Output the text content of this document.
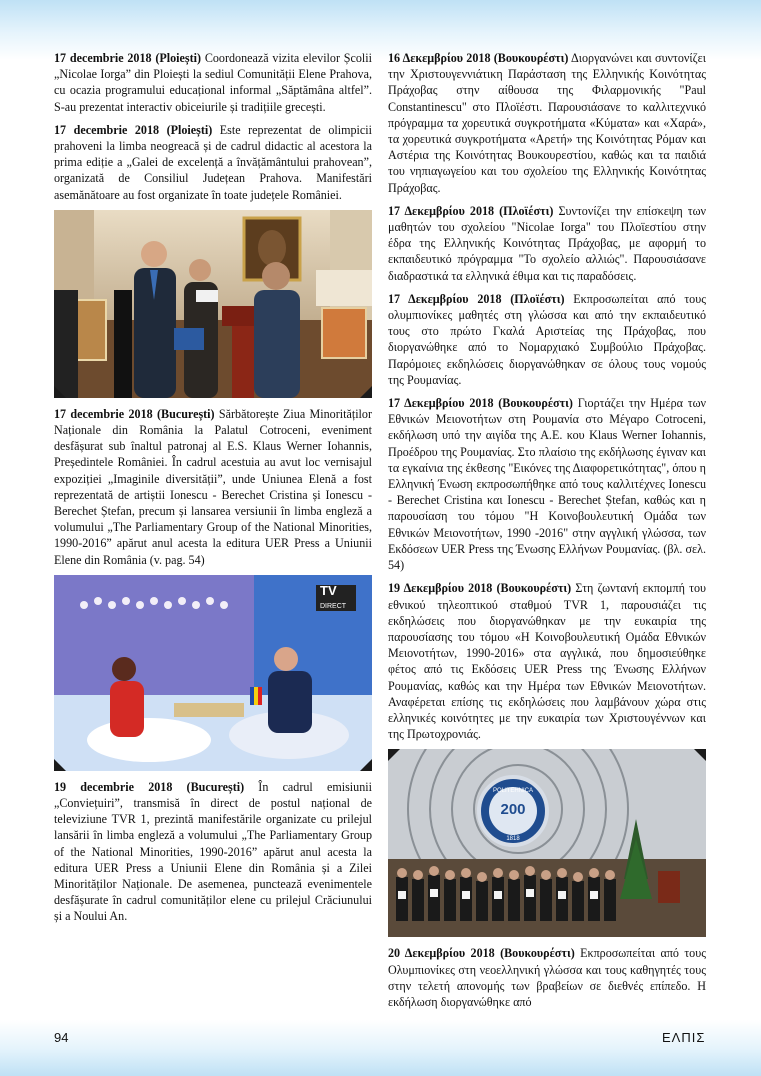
17 decembrie 2018 (Ploiești) Coordonează vizita elevilor Școlii „Nicolae Iorga” din Ploiești la sediul Comunității Elene Prahova, cu ocazia programului educațional informal „Săptămâna altfel”. S-au prezentat interactiv obiceiurile și tradițiile grecești.

17 decembrie 2018 (Ploiești) Este reprezentat de olimpicii prahoveni la limba neogreacă și de cadrul didactic al acestora la prima ediție a „Galei de excelență a învățământului prahovean”, organizată de Consiliul Județean Prahova. Manifestări asemănătoare au fost organizate în toate județele României.

17 decembrie 2018 (București) Sărbătorește Ziua Minorităților Naționale din România la Palatul Cotroceni, eveniment desfășurat sub înaltul patronaj al E.S. Klaus Werner Iohannis, Președintele României. În cadrul acestuia au avut loc vernisajul expoziției „Imaginile diversității”, unde Uniunea Elenă a fost reprezentată de artiștii Ionescu - Berechet Cristina și Ionescu - Berechet Ștefan, precum și lansarea versiunii în limba engleză a volumului „The Parliamentary Group of the National Minorities, 1990-2016” apărut anul acesta la editura UER Press a Uniunii Elene din România (v. pag. 54)

TV
DIRECT

19 decembrie 2018 (București) În cadrul emisiunii „Conviețuiri”, transmisă în direct de postul național de televiziune TVR 1, prezintă manifestările organizate cu prilejul lansării în limba engleză a volumului „The Parliamentary Group of the National Minorities, 1990-2016” apărut anul acesta la editura UER Press a Uniunii Elene din România și a Zilei Minorităților Naționale. De asemenea, punctează evenimentele desfășurate în cadrul comunităților elene cu prilejul Crăciunului și a Noului An.

16 Δεκεμβρίου 2018 (Βουκουρέστι) Διοργανώνει και συντονίζει την Χριστουγεννιάτικη Παράσταση της Ελληνικής Κοινότητας Πράχοβας στην αίθουσα της Φιλαρμονικής "Paul Constantinescu" στο Πλοϊέστι. Παρουσιάσανε το καλλιτεχνικό πρόγραμμα τα χορευτικά συγκροτήματα «Κύματα» και «Χαρά», τα χορευτικά συγκροτήματα «Αρετή» της Κοινότητας Ρόμαν και Αστέρια της Κοινότητας Βουκουρεστίου, καθώς και τα παιδιά του νηπιαγωγείου και του σχολείου της Ελληνικής Κοινότητας Πράχοβας.

17 Δεκεμβρίου 2018 (Πλοϊέστι) Συντονίζει την επίσκεψη των μαθητών του σχολείου "Nicolae Iorga" του Πλοϊεστίου στην έδρα της Ελληνικής Κοινότητας Πράχοβας, με αφορμή το εκπαιδευτικό πρόγραμμα "Το σχολείο αλλιώς". Παρουσιάσανε διαδραστικά τα ελληνικά έθιμα και τις παραδόσεις.

17 Δεκεμβρίου 2018 (Πλοϊέστι) Εκπροσωπείται από τους ολυμπιονίκες μαθητές στη γλώσσα και από την εκπαιδευτικό τους στο πρώτο Γκαλά Αριστείας της Πράχοβας, που διοργανώθηκε από το Νομαρχιακό Συμβούλιο Πράχοβας. Παρόμοιες εκδηλώσεις διοργανώθηκαν σε όλους τους νομούς της Ρουμανίας.

17 Δεκεμβρίου 2018 (Βουκουρέστι) Γιορτάζει την Ημέρα των Εθνικών Μειονοτήτων στη Ρουμανία στο Μέγαρο Cotroceni, εκδήλωση υπό την αιγίδα της Α.Ε. κου Klaus Werner Iohannis, Προέδρου της Ρουμανίας. Στο πλαίσιο της εκδήλωσης έγιναν και τα εγκαίνια της έκθεσης "Εικόνες της Διαφορετικότητας", όπου η Ελληνική Ένωση εκπροσωπήθηκε από τους καλλιτέχνες Ionescu - Berechet Cristina και Ionescu - Berechet Ștefan, καθώς και η παρουσίαση του τόμου "Η Κοινοβουλευτική Ομάδα των Εθνικών Μειονοτήτων, 1990 -2016" στην αγγλική γλώσσα, των Εκδόσεων UER Press της Ένωσης Ελλήνων Ρουμανίας. (βλ. σελ. 54)

19 Δεκεμβρίου 2018 (Βουκουρέστι) Στη ζωντανή εκπομπή του εθνικού τηλεοπτικού σταθμού TVR 1, παρουσιάζει τις εκδηλώσεις που διοργανώθηκαν με την ευκαιρία της παρουσίασης του τόμου «Η Κοινοβουλευτική Ομάδα Εθνικών Μειονοτήτων, 1990-2016» στα αγγλικά, που δημοσιεύθηκε φέτος από τις Εκδόσεις UER Press της Ένωσης Ελλήνων Ρουμανίας, καθώς και την Ημέρα των Εθνικών Μειονοτήτων. Αναφέρεται επίσης τις εκδηλώσεις που λαμβάνουν χώρα στις ελληνικές κοινότητες με την ευκαιρία των Χριστουγέννων και της Πρωτοχρονιάς.

200
POLITEHNICA
1818

20 Δεκεμβρίου 2018 (Βουκουρέστι) Εκπροσωπείται από τους Ολυμπιονίκες στη νεοελληνική γλώσσα και τους καθηγητές τους στην τελετή απονομής των βραβείων σε διεθνές επίπεδο. Η εκδήλωση διοργανώθηκε από

94	ΕΛΠΙΣ
